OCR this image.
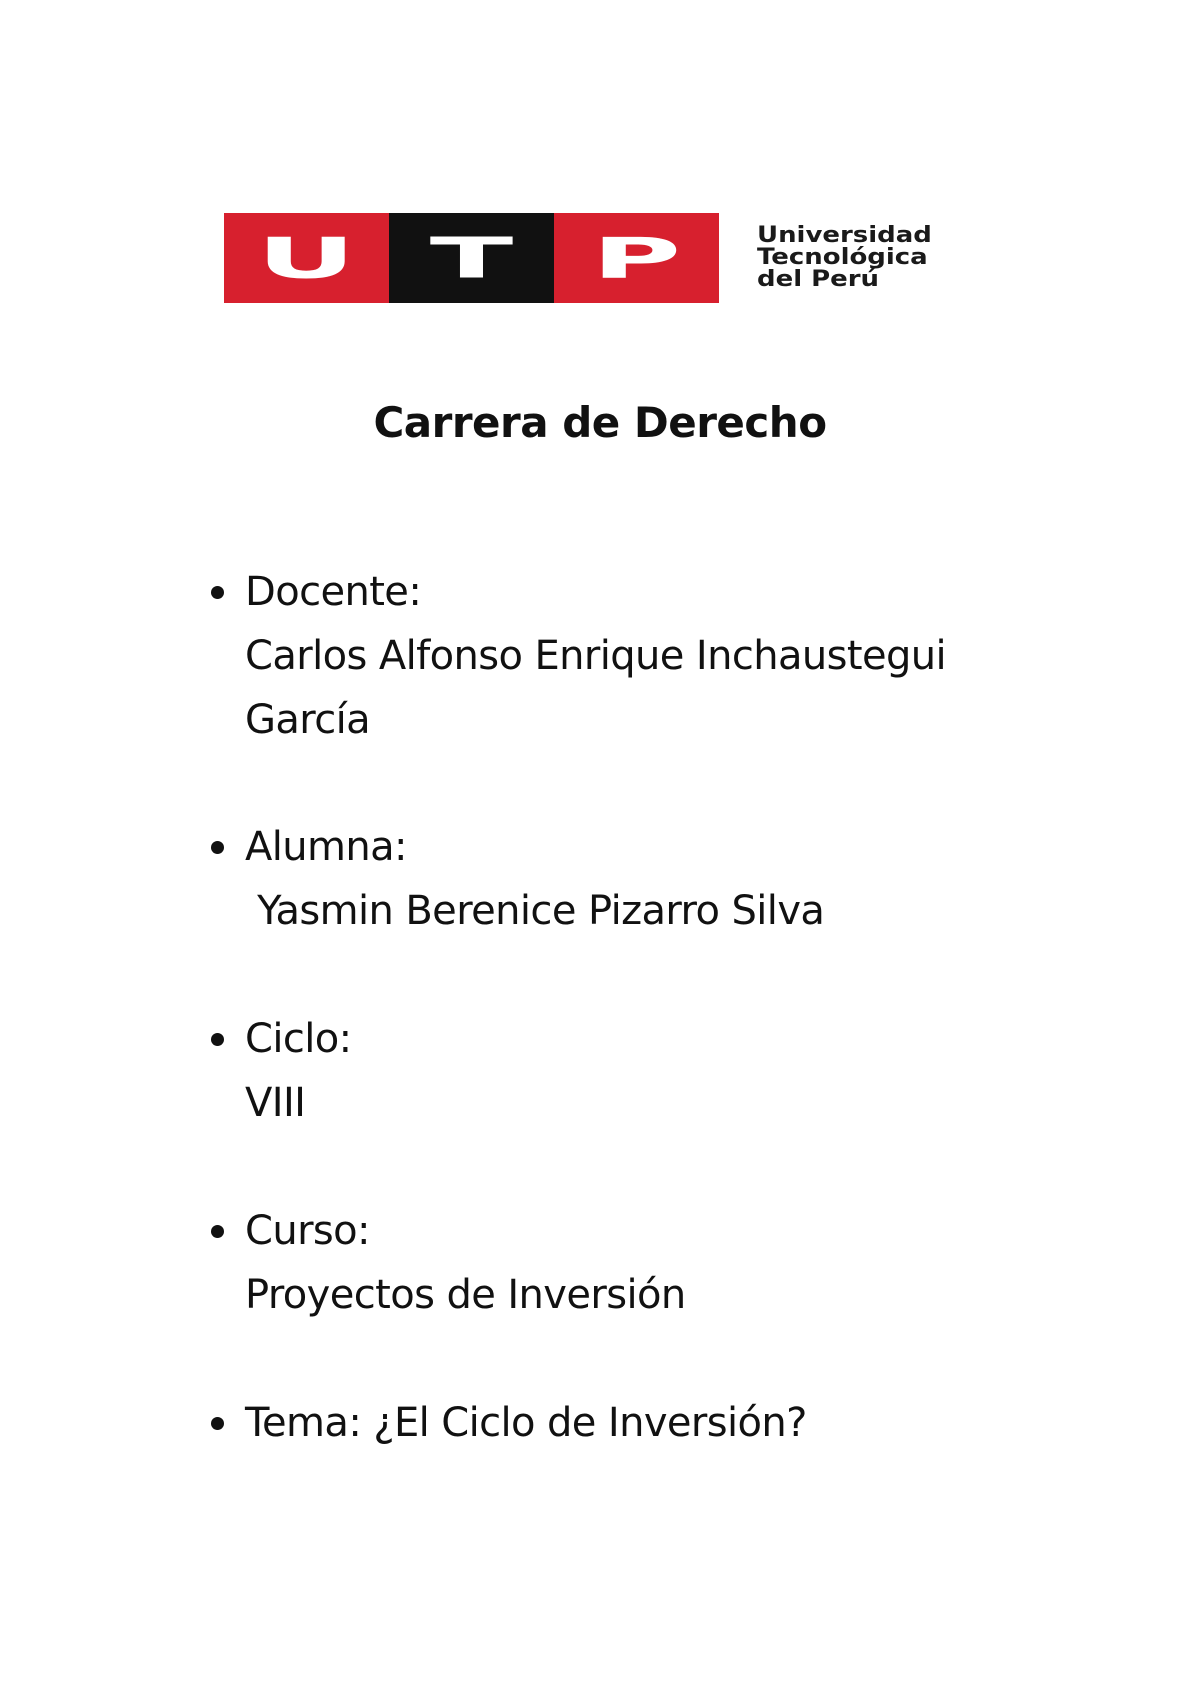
U T P	Universidad
Tecnológica
del Perú
Carrera de Derecho
Docente:
Carlos Alfonso Enrique Inchaustegui
García
Alumna:
Yasmin Berenice Pizarro Silva
Ciclo:
VIII
Curso:
Proyectos de Inversión
Tema: ¿El Ciclo de Inversión?
